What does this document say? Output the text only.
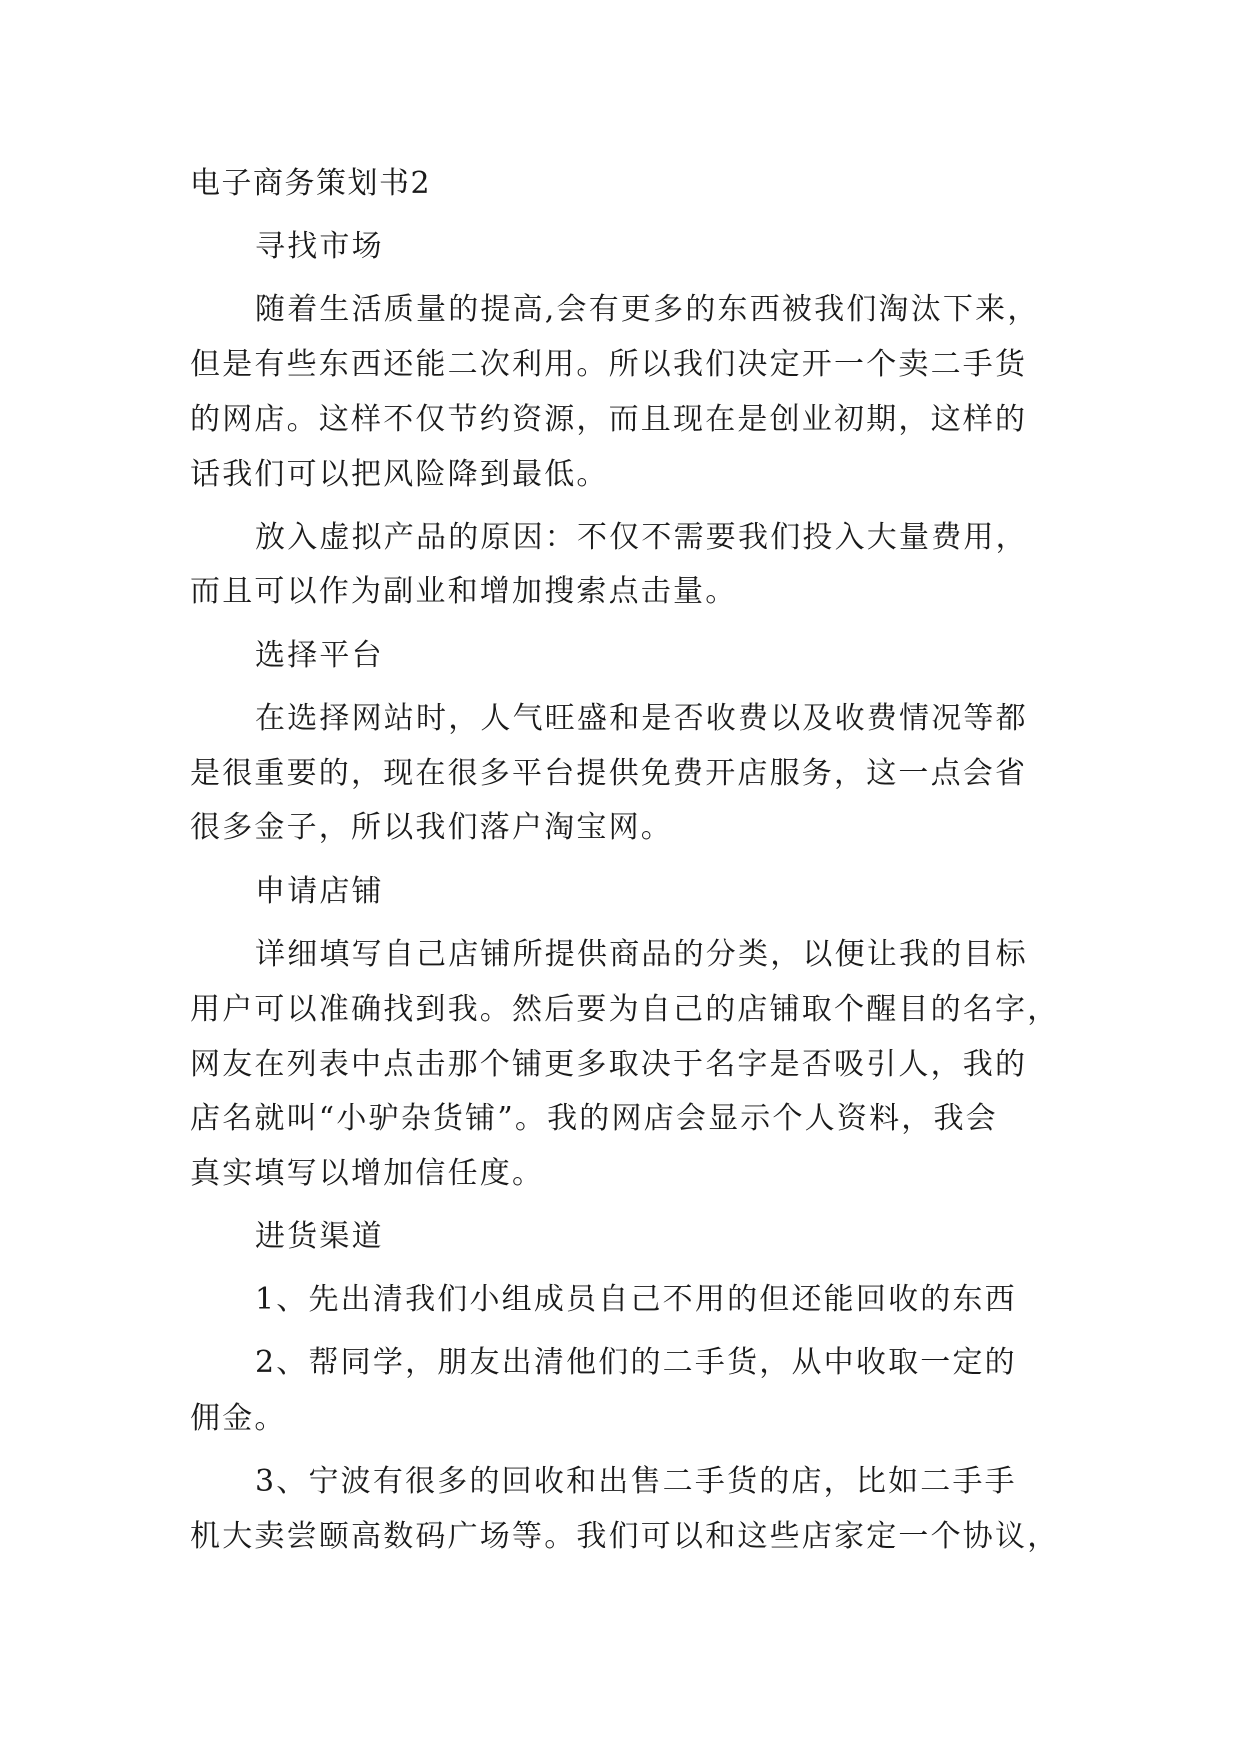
电子商务策划书2
寻找市场
随着生活质量的提高,会有更多的东西被我们淘汰下来，
但是有些东西还能二次利用。所以我们决定开一个卖二手货
的网店。这样不仅节约资源，而且现在是创业初期，这样的
话我们可以把风险降到最低。
放入虚拟产品的原因：不仅不需要我们投入大量费用，
而且可以作为副业和增加搜索点击量。
选择平台
在选择网站时，人气旺盛和是否收费以及收费情况等都
是很重要的，现在很多平台提供免费开店服务，这一点会省
很多金子，所以我们落户淘宝网。
申请店铺
详细填写自己店铺所提供商品的分类，以便让我的目标
用户可以准确找到我。然后要为自己的店铺取个醒目的名字，
网友在列表中点击那个铺更多取决于名字是否吸引人，我的
店名就叫“小驴杂货铺”。我的网店会显示个人资料，我会
真实填写以增加信任度。
进货渠道
1、先出清我们小组成员自己不用的但还能回收的东西
2、帮同学，朋友出清他们的二手货，从中收取一定的
佣金。
3、宁波有很多的回收和出售二手货的店，比如二手手
机大卖尝颐高数码广场等。我们可以和这些店家定一个协议，
